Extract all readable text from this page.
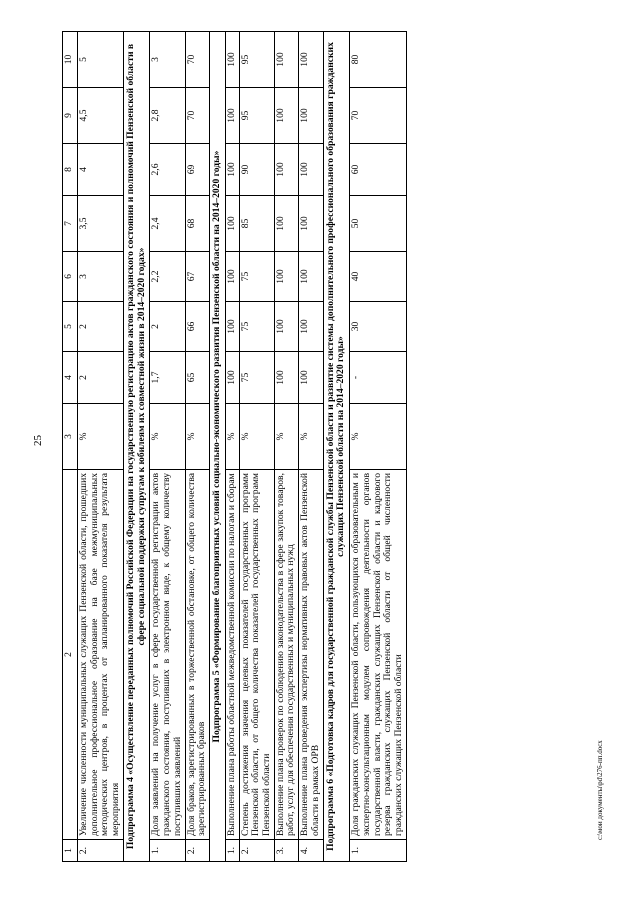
25
c:\мои документы\pd\276-пп.docx
1	2	3	4	5	6	7	8	9	10
2.	Увеличение численности муниципальных служащих Пензенской области, прошедших дополнительное профессиональное образование на базе межмуниципальных методических центров, в процентах от запланированного показателя результата мероприятия	%	2	2	3	3,5	4	4,5	5
Подпрограмма 4 «Осуществление переданных полномочий Российской Федерации на государственную регистрацию актов гражданского состояния и полномочий Пензенской области в сфере социальной поддержки супругам к юбилеям их совместной жизни в 2014–2020 годах»									
1.	Доля заявлений на получение услуг в сфере государственной регистрации актов гражданского состояния, поступивших в электронном виде, к общему количеству поступивших заявлений	%	1,7	2	2,2	2,4	2,6	2,8	3
2.	Доля браков, зарегистрированных в торжественной обстановке, от общего количества зарегистрированных браков	%	65	66	67	68	69	70	70
Подпрограмма 5 «Формирование благоприятных условий социально-экономического развития Пензенской области на 2014–2020 годы»									
1.	Выполнение плана работы областной межведомственной комиссии по налогам и сборам	%	100	100	100	100	100	100	100
2.	Степень достижения значения целевых показателей государственных программ Пензенской области, от общего количества показателей государственных программ Пензенской области	%	75	75	75	85	90	95	95
3.	Выполнение плана проверок по соблюдению законодательства в сфере закупок товаров, работ, услуг для обеспечения государственных и муниципальных нужд	%	100	100	100	100	100	100	100
4.	Выполнение плана проведения экспертизы нормативных правовых актов Пензенской области в рамках ОРВ	%	100	100	100	100	100	100	100
Подпрограмма 6 «Подготовка кадров для государственной гражданской службы Пензенской области и развитие системы дополнительного профессионального образования гражданских служащих Пензенской области на 2014–2020 годы»									
1.	Доля гражданских служащих Пензенской области, пользующихся образовательным и экспертно-консультационным модулем сопровождения деятельности органов государственной власти, гражданских служащих Пензенской области и кадрового резерва гражданских служащих Пензенской области от общей численности гражданских служащих Пензенской области	%	-	30	40	50	60	70	80
